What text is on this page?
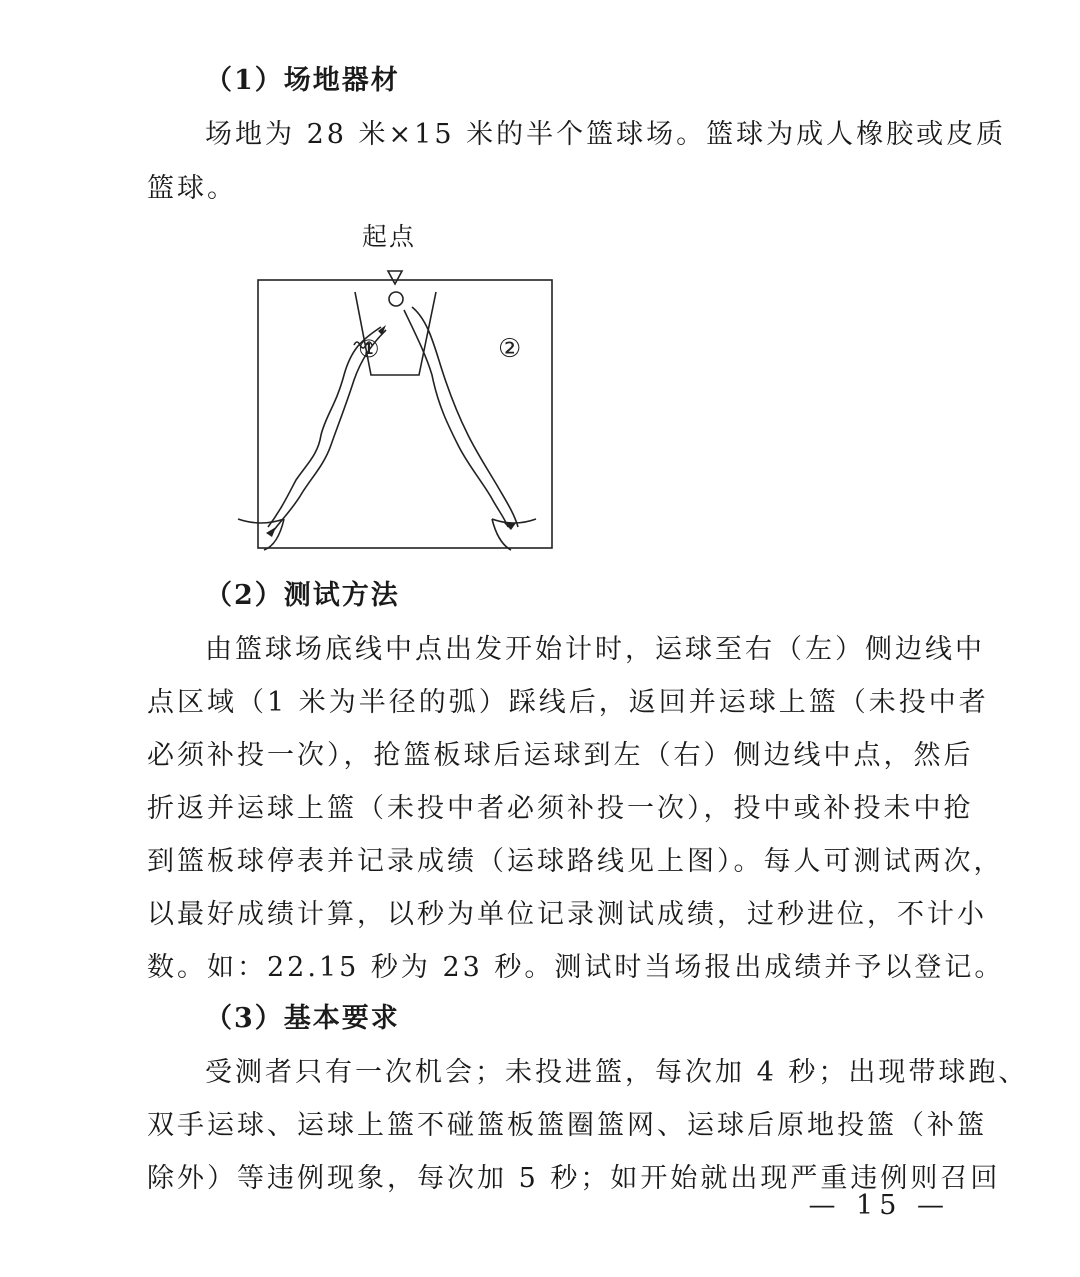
（1）场地器材
场地为 28 米×15 米的半个篮球场。篮球为成人橡胶或皮质
篮球。
起点
①	②
（2）测试方法
由篮球场底线中点出发开始计时，运球至右（左）侧边线中
点区域（1 米为半径的弧）踩线后，返回并运球上篮（未投中者
必须补投一次），抢篮板球后运球到左（右）侧边线中点，然后
折返并运球上篮（未投中者必须补投一次），投中或补投未中抢
到篮板球停表并记录成绩（运球路线见上图）。每人可测试两次，
以最好成绩计算，以秒为单位记录测试成绩，过秒进位，不计小
数。如：22.15 秒为 23 秒。测试时当场报出成绩并予以登记。
（3）基本要求
受测者只有一次机会；未投进篮，每次加 4 秒；出现带球跑、
双手运球、运球上篮不碰篮板篮圈篮网、运球后原地投篮（补篮
除外）等违例现象，每次加 5 秒；如开始就出现严重违例则召回
— 15 —
